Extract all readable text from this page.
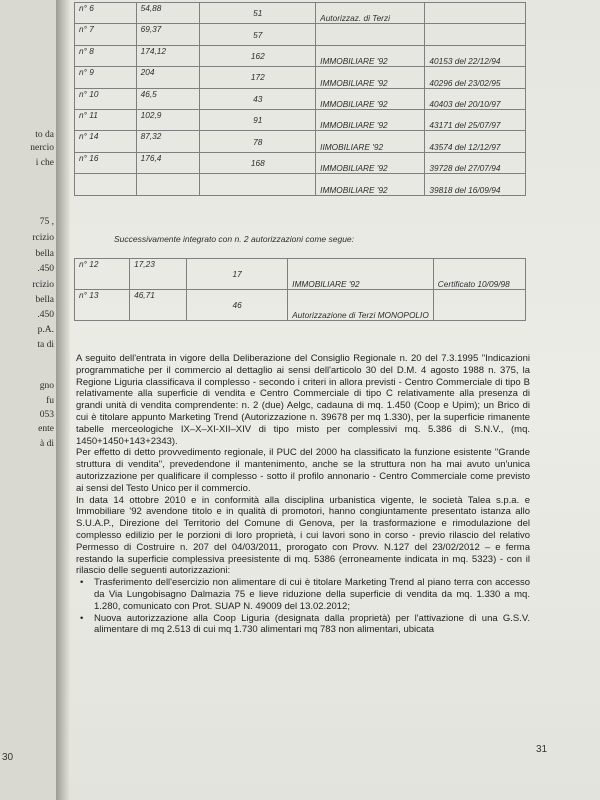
to da
nercio
i che
75 ,
rcizio
bella
.450
rcizio
bella
.450
p.A.
ta di
gno
fu
053
ente
à di
30
n° 6	54,88	51	Autorizzaz. di Terzi	
n° 7	69,37	57		
n° 8	174,12	162	IMMOBILIARE '92	40153 del 22/12/94
n° 9	204	172	IMMOBILIARE '92	40296 del 23/02/95
n° 10	46,5	43	IMMOBILIARE '92	40403 del 20/10/97
n° 11	102,9	91	IMMOBILIARE '92	43171 del 25/07/97
n° 14	87,32	78	IIMOBILIARE '92	43574 del 12/12/97
n° 16	176,4	168	IMMOBILIARE '92	39728 del 27/07/94
			IMMOBILIARE '92	39818 del 16/09/94
Successivamente integrato con n. 2 autorizzazioni come segue:
n° 12	17,23	17	IMMOBILIARE '92	Certificato 10/09/98
n° 13	46,71	46	Autorizzazione di Terzi MONOPOLIO	

A seguito dell'entrata in vigore della Deliberazione del Consiglio Regionale n. 20 del 7.3.1995 "Indicazioni programmatiche per il commercio al dettaglio ai sensi dell'articolo 30 del D.M. 4 agosto 1988 n. 375, la Regione Liguria classificava il complesso - secondo i criteri in allora previsti - Centro Commerciale di tipo B relativamente alla superficie di vendita e Centro Commerciale di tipo C relativamente alla presenza di grandi unità di vendita comprendente: n. 2 (due) Aelgc, cadauna di mq. 1.450 (Coop e Upim); un Brico di cui è titolare appunto Marketing Trend (Autorizzazione n. 39678 per mq 1.330), per la superficie rimanente tabelle merceologiche IX–X–XI-XII–XIV di tipo misto per complessivi mq. 5.386 di S.N.V., (mq. 1450+1450+143+2343).

Per effetto di detto provvedimento regionale, il PUC del 2000 ha classificato la funzione esistente "Grande struttura di vendita", prevedendone il mantenimento, anche se la struttura non ha mai avuto un'unica autorizzazione per qualificare il complesso - sotto il profilo annonario - Centro Commerciale come previsto ai sensi del Testo Unico per il commercio.

In data 14 ottobre 2010 e in conformità alla disciplina urbanistica vigente, le società Talea s.p.a. e Immobiliare '92 avendone titolo e in qualità di promotori, hanno congiuntamente presentato istanza allo S.U.A.P., Direzione del Territorio del Comune di Genova, per la trasformazione e rimodulazione del complesso edilizio per le porzioni di loro proprietà, i cui lavori sono in corso - previo rilascio del relativo Permesso di Costruire n. 207 del 04/03/2011, prorogato con Provv. N.127 del 23/02/2012 – e ferma restando la superficie complessiva preesistente di mq. 5386 (erroneamente indicata in mq. 5323) - con il rilascio delle seguenti autorizzazioni:

• Trasferimento dell'esercizio non alimentare di cui è titolare Marketing Trend al piano terra con accesso da Via Lungobisagno Dalmazia 75 e lieve riduzione della superficie di vendita da mq. 1.330 a mq. 1.280, comunicato con Prot. SUAP N. 49009 del 13.02.2012;
• Nuova autorizzazione alla Coop Liguria (designata dalla proprietà) per l'attivazione di una G.S.V. alimentare di mq 2.513 di cui mq 1.730 alimentari mq 783 non alimentari, ubicata
31
